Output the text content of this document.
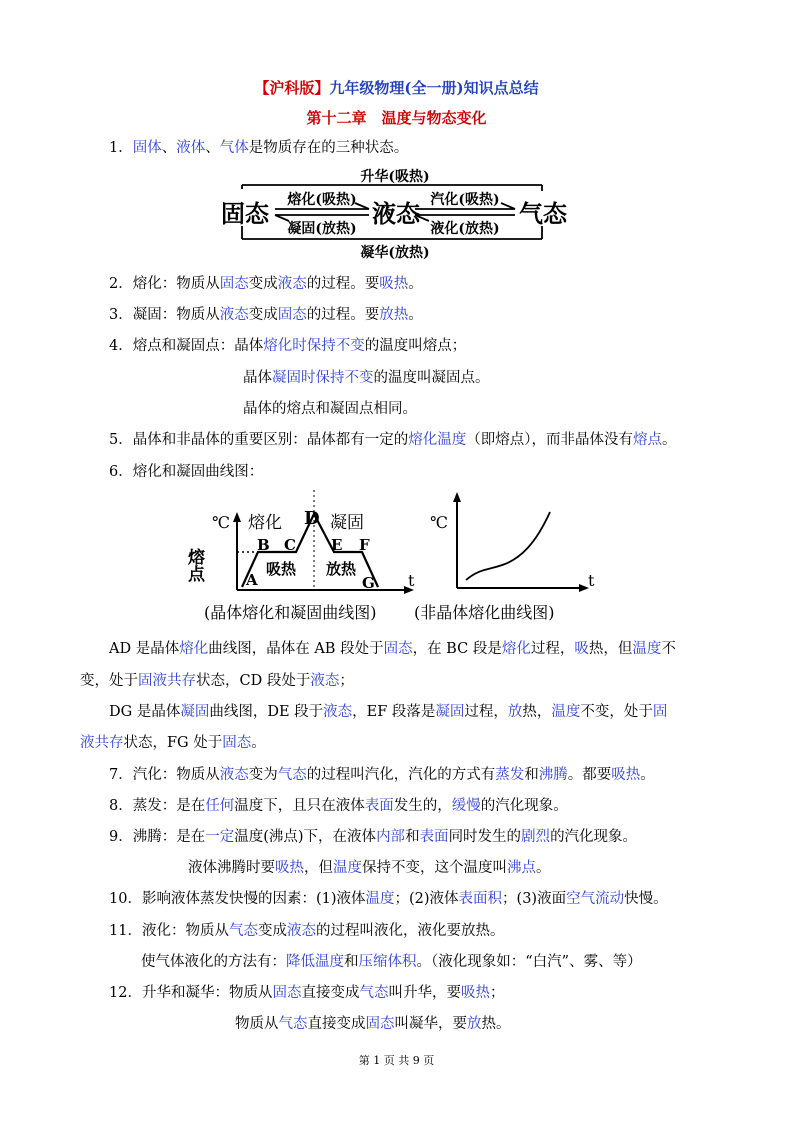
【沪科版】九年级物理(全一册)知识点总结
第十二章　温度与物态变化
1．固体、液体、气体是物质存在的三种状态。
升华(吸热)
固态 熔化(吸热)
凝固(放热)
液态 汽化(吸热)
液化(放热)
气态
凝华(放热)
2．熔化：物质从固态变成液态的过程。要吸热。
3．凝固：物质从液态变成固态的过程。要放热。
4．熔点和凝固点：晶体熔化时保持不变的温度叫熔点；
晶体凝固时保持不变的温度叫凝固点。
晶体的熔点和凝固点相同。
5．晶体和非晶体的重要区别：晶体都有一定的熔化温度（即熔点），而非晶体没有熔点。
6．熔化和凝固曲线图：
℃ 熔化 D 凝固
熔点
B C E F
吸热 放热
A	G t
(晶体熔化和凝固曲线图)
℃
t
(非晶体熔化曲线图)
AD 是晶体熔化曲线图，晶体在 AB 段处于固态，在 BC 段是熔化过程，吸热，但温度不
变，处于固液共存状态，CD 段处于液态；
DG 是晶体凝固曲线图，DE 段于液态，EF 段落是凝固过程，放热，温度不变，处于固
液共存状态，FG 处于固态。
7．汽化：物质从液态变为气态的过程叫汽化，汽化的方式有蒸发和沸腾。都要吸热。
8．蒸发：是在任何温度下，且只在液体表面发生的，缓慢的汽化现象。
9．沸腾：是在一定温度(沸点)下，在液体内部和表面同时发生的剧烈的汽化现象。
液体沸腾时要吸热，但温度保持不变，这个温度叫沸点。
10．影响液体蒸发快慢的因素：(1)液体温度；(2)液体表面积；(3)液面空气流动快慢。
11．液化：物质从气态变成液态的过程叫液化，液化要放热。
使气体液化的方法有：降低温度和压缩体积。（液化现象如：“白汽”、雾、等）
12．升华和凝华：物质从固态直接变成气态叫升华，要吸热；
物质从气态直接变成固态叫凝华，要放热。
第 1 页 共 9 页
